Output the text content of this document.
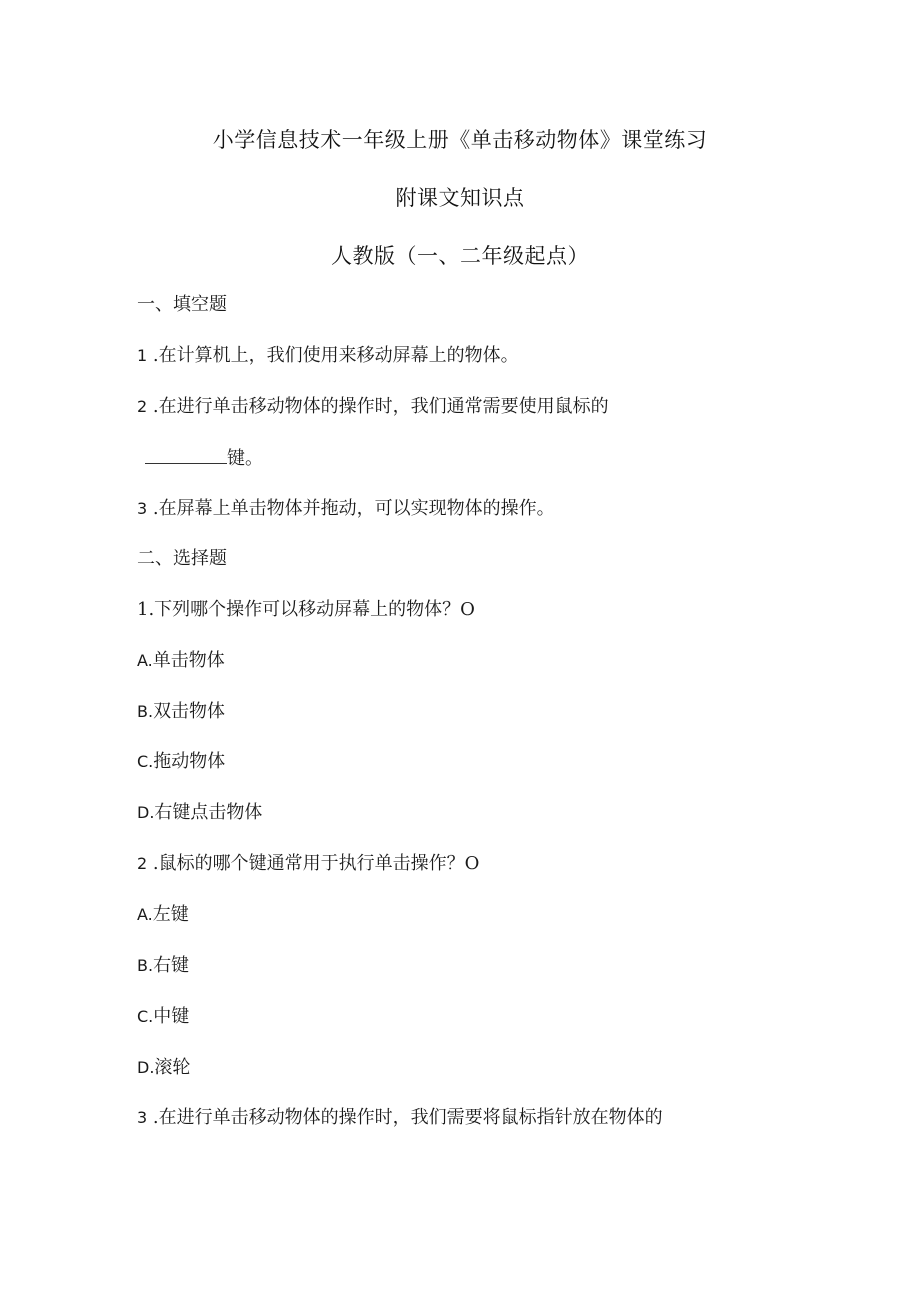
小学信息技术一年级上册《单击移动物体》课堂练习
附课文知识点
人教版（一、二年级起点）
一、填空题
1 .在计算机上，我们使用来移动屏幕上的物体。
2 .在进行单击移动物体的操作时，我们通常需要使用鼠标的
键。
3 .在屏幕上单击物体并拖动，可以实现物体的操作。
二、选择题
1.下列哪个操作可以移动屏幕上的物体？O
A.单击物体
B.双击物体
C.拖动物体
D.右键点击物体
2 .鼠标的哪个键通常用于执行单击操作？O
A.左键
B.右键
C.中键
D.滚轮
3 .在进行单击移动物体的操作时，我们需要将鼠标指针放在物体的
